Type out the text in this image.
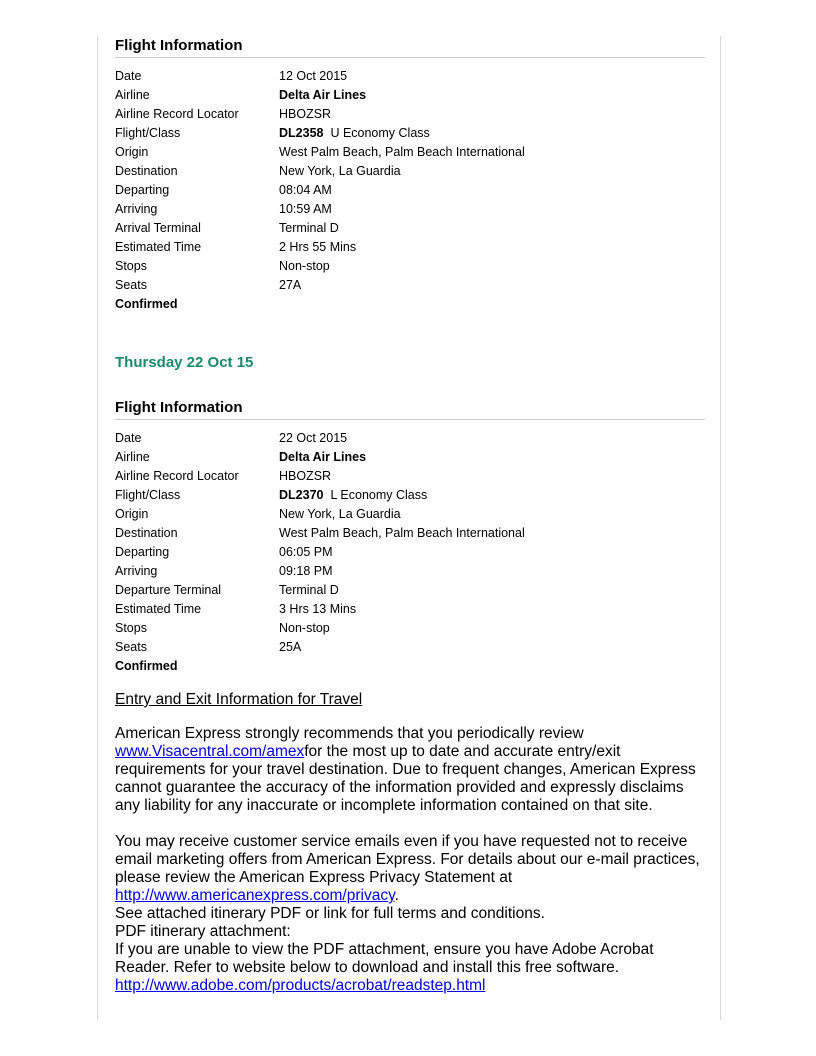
Flight Information
Date	12 Oct 2015
Airline	Delta Air Lines
Airline Record Locator	HBOZSR
Flight/Class	DL2358 U Economy Class
Origin	West Palm Beach, Palm Beach International
Destination	New York, La Guardia
Departing	08:04 AM
Arriving	10:59 AM
Arrival Terminal	Terminal D
Estimated Time	2 Hrs 55 Mins
Stops	Non-stop
Seats	27A
Confirmed
Thursday 22 Oct 15
Flight Information
Date	22 Oct 2015
Airline	Delta Air Lines
Airline Record Locator	HBOZSR
Flight/Class	DL2370 L Economy Class
Origin	New York, La Guardia
Destination	West Palm Beach, Palm Beach International
Departing	06:05 PM
Arriving	09:18 PM
Departure Terminal	Terminal D
Estimated Time	3 Hrs 13 Mins
Stops	Non-stop
Seats	25A
Confirmed
Entry and Exit Information for Travel
American Express strongly recommends that you periodically review
www.Visacentral.com/amexfor the most up to date and accurate entry/exit requirements for your travel destination. Due to frequent changes, American Express cannot guarantee the accuracy of the information provided and expressly disclaims any liability for any inaccurate or incomplete information contained on that site.
You may receive customer service emails even if you have requested not to receive email marketing offers from American Express. For details about our e-mail practices, please review the American Express Privacy Statement at
http://www.americanexpress.com/privacy.
See attached itinerary PDF or link for full terms and conditions.
PDF itinerary attachment:
If you are unable to view the PDF attachment, ensure you have Adobe Acrobat Reader. Refer to website below to download and install this free software.
http://www.adobe.com/products/acrobat/readstep.html
